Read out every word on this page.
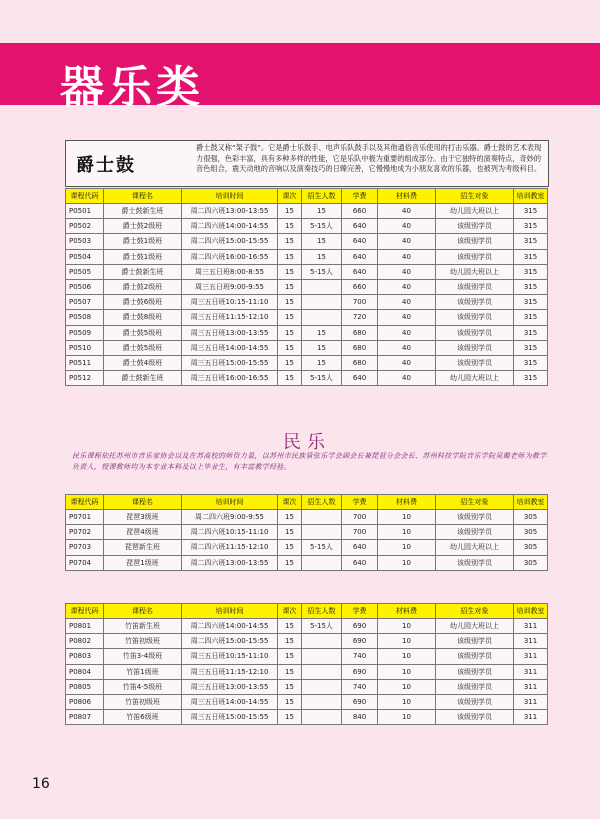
器乐类
爵士鼓
爵士鼓又称“架子鼓”。它是爵士乐鼓手、电声乐队鼓手以及其他通俗音乐使用的打击乐器。爵士鼓的艺术表现力很强，色彩丰富，具有多种多样的性能，它是乐队中极为重要的组成部分。由于它独特的演奏特点，奇妙的音色组合，震天动地的音响以及演奏技巧的日臻完善，它慢慢地成为小朋友喜欢的乐器，也被列为考级科目。
课程代码	课程名	培训时间	课次	招生人数	学费	材料费	招生对象	培训教室
P0501	爵士鼓新生班	周二四六班13:00-13:55	15	15	660	40	幼儿园大班以上	315
P0502	爵士鼓2级班	周二四六班14:00-14:55	15	5-15人	640	40	该级别学员	315
P0503	爵士鼓1级班	周二四六班15:00-15:55	15	15	640	40	该级别学员	315
P0504	爵士鼓1级班	周二四六班16:00-16:55	15	15	640	40	该级别学员	315
P0505	爵士鼓新生班	周三五日班8:00-8:55	15	5-15人	640	40	幼儿园大班以上	315
P0506	爵士鼓2级班	周三五日班9:00-9:55	15		660	40	该级别学员	315
P0507	爵士鼓6级班	周三五日班10:15-11:10	15		700	40	该级别学员	315
P0508	爵士鼓8级班	周三五日班11:15-12:10	15		720	40	该级别学员	315
P0509	爵士鼓5级班	周三五日班13:00-13:55	15	15	680	40	该级别学员	315
P0510	爵士鼓5级班	周三五日班14:00-14:55	15	15	680	40	该级别学员	315
P0511	爵士鼓4级班	周三五日班15:00-15:55	15	15	680	40	该级别学员	315
P0512	爵士鼓新生班	周三五日班16:00-16:55	15	5-15人	640	40	幼儿园大班以上	315
民乐
民乐课程依托苏州市音乐家协会以及在苏高校的师资力量，以苏州市民族管弦乐学会副会长兼琵琶分会会长、苏州科技学院音乐学院吴璐老师为教学负责人，授课教师均为本专业本科及以上毕业生，有丰富教学经验。
课程代码	课程名	培训时间	课次	招生人数	学费	材料费	招生对象	培训教室
P0701	琵琶3级班	周二四六班9:00-9:55	15		700	10	该级别学员	305
P0702	琵琶4级班	周二四六班10:15-11:10	15		700	10	该级别学员	305
P0703	琵琶新生班	周二四六班11:15-12:10	15	5-15人	640	10	幼儿园大班以上	305
P0704	琵琶1级班	周二四六班13:00-13:55	15		640	10	该级别学员	305
课程代码	课程名	培训时间	课次	招生人数	学费	材料费	招生对象	培训教室
P0801	竹笛新生班	周二四六班14:00-14:55	15	5-15人	690	10	幼儿园大班以上	311
P0802	竹笛初级班	周二四六班15:00-15:55	15		690	10	该级别学员	311
P0803	竹笛3-4级班	周三五日班10:15-11:10	15		740	10	该级别学员	311
P0804	竹笛1级班	周三五日班11:15-12:10	15		690	10	该级别学员	311
P0805	竹笛4-5级班	周三五日班13:00-13:55	15		740	10	该级别学员	311
P0806	竹笛初级班	周三五日班14:00-14:55	15		690	10	该级别学员	311
P0807	竹笛6级班	周三五日班15:00-15:55	15		840	10	该级别学员	311
16
